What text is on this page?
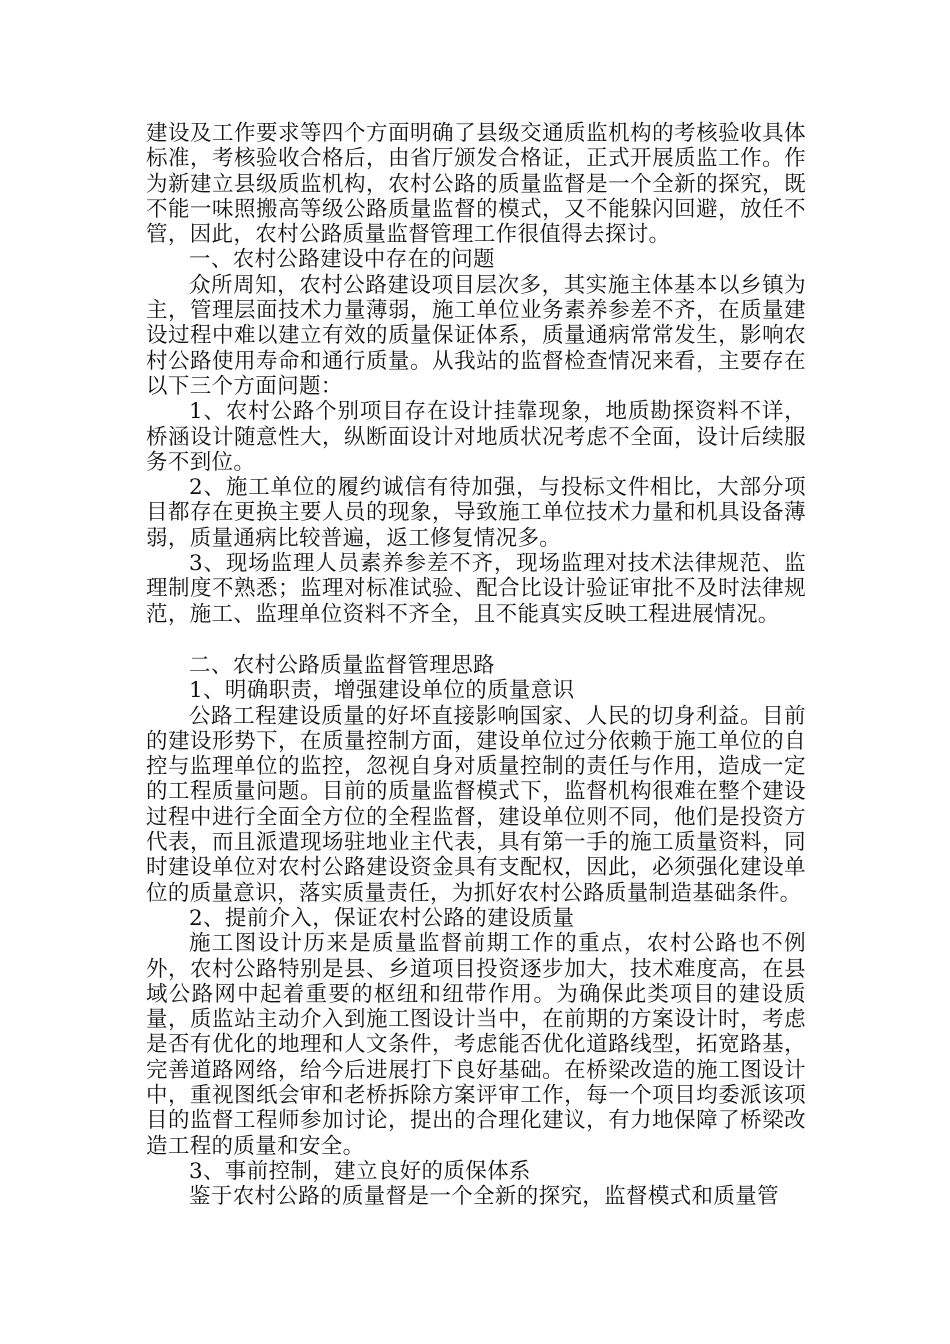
建设及工作要求等四个方面明确了县级交通质监机构的考核验收具体标准，考核验收合格后，由省厅颁发合格证，正式开展质监工作。作为新建立县级质监机构，农村公路的质量监督是一个全新的探究，既不能一味照搬高等级公路质量监督的模式，又不能躲闪回避，放任不管，因此，农村公路质量监督管理工作很值得去探讨。

一、农村公路建设中存在的问题

众所周知，农村公路建设项目层次多，其实施主体基本以乡镇为主，管理层面技术力量薄弱，施工单位业务素养参差不齐，在质量建设过程中难以建立有效的质量保证体系，质量通病常常发生，影响农村公路使用寿命和通行质量。从我站的监督检查情况来看，主要存在以下三个方面问题：

1、农村公路个别项目存在设计挂靠现象，地质勘探资料不详，桥涵设计随意性大，纵断面设计对地质状况考虑不全面，设计后续服务不到位。

2、施工单位的履约诚信有待加强，与投标文件相比，大部分项目都存在更换主要人员的现象，导致施工单位技术力量和机具设备薄弱，质量通病比较普遍，返工修复情况多。

3、现场监理人员素养参差不齐，现场监理对技术法律规范、监理制度不熟悉；监理对标准试验、配合比设计验证审批不及时法律规范，施工、监理单位资料不齐全，且不能真实反映工程进展情况。

二、农村公路质量监督管理思路

1、明确职责，增强建设单位的质量意识

公路工程建设质量的好坏直接影响国家、人民的切身利益。目前的建设形势下，在质量控制方面，建设单位过分依赖于施工单位的自控与监理单位的监控，忽视自身对质量控制的责任与作用，造成一定的工程质量问题。目前的质量监督模式下，监督机构很难在整个建设过程中进行全面全方位的全程监督，建设单位则不同，他们是投资方代表，而且派遣现场驻地业主代表，具有第一手的施工质量资料，同时建设单位对农村公路建设资金具有支配权，因此，必须强化建设单位的质量意识，落实质量责任，为抓好农村公路质量制造基础条件。

2、提前介入，保证农村公路的建设质量

施工图设计历来是质量监督前期工作的重点，农村公路也不例外，农村公路特别是县、乡道项目投资逐步加大，技术难度高，在县域公路网中起着重要的枢纽和纽带作用。为确保此类项目的建设质量，质监站主动介入到施工图设计当中，在前期的方案设计时，考虑是否有优化的地理和人文条件，考虑能否优化道路线型，拓宽路基，完善道路网络，给今后进展打下良好基础。在桥梁改造的施工图设计中，重视图纸会审和老桥拆除方案评审工作，每一个项目均委派该项目的监督工程师参加讨论，提出的合理化建议，有力地保障了桥梁改造工程的质量和安全。

3、事前控制，建立良好的质保体系

鉴于农村公路的质量督是一个全新的探究，监督模式和质量管
